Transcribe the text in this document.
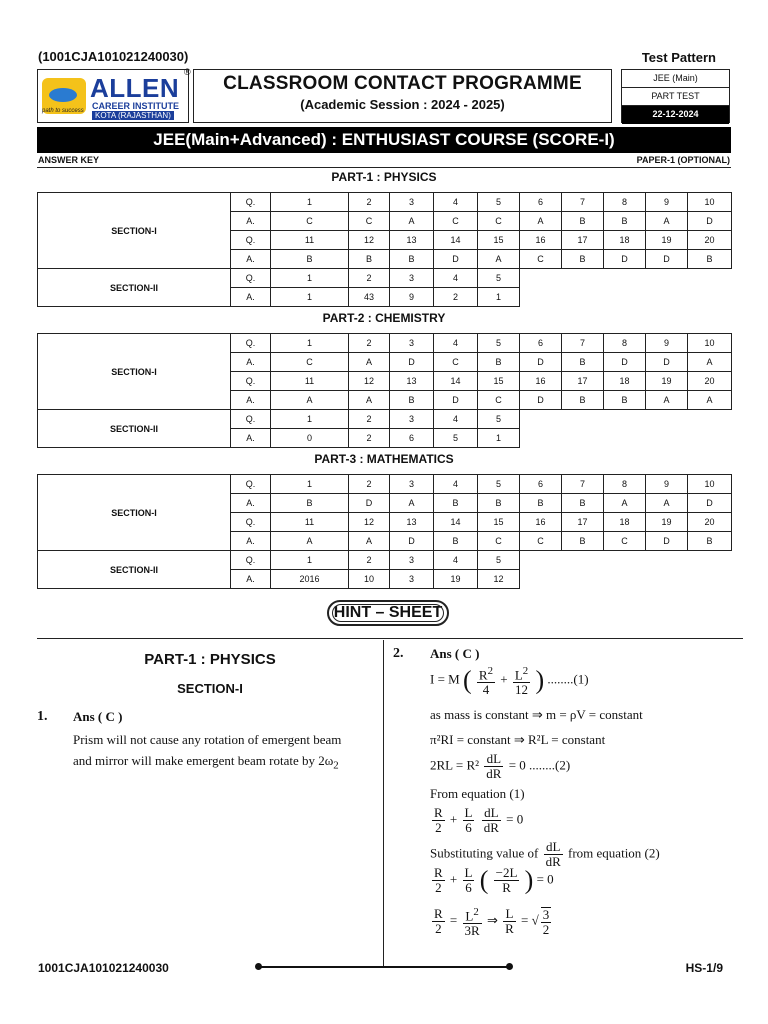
(1001CJA101021240030)	Test Pattern
path to success
ALLEN
CAREER INSTITUTE
KOTA (RAJASTHAN)
®
CLASSROOM CONTACT PROGRAMME
(Academic Session : 2024 - 2025)
JEE (Main)
PART TEST
22-12-2024
JEE(Main+Advanced) : ENTHUSIAST COURSE (SCORE-I)
ANSWER KEY	PAPER-1 (OPTIONAL)
PART-1 : PHYSICS
SECTION-I	Q.	1	2	3	4	5	6	7	8	9	10
	A.	C	C	A	C	C	A	B	B	A	D
	Q.	11	12	13	14	15	16	17	18	19	20
	A.	B	B	B	D	A	C	B	D	D	B
SECTION-II	Q.	1	2	3	4	5					
	A.	1	43	9	2	1					
PART-2 : CHEMISTRY
SECTION-I	Q.	1	2	3	4	5	6	7	8	9	10
	A.	C	A	D	C	B	D	B	D	D	A
	Q.	11	12	13	14	15	16	17	18	19	20
	A.	A	A	B	D	C	D	B	B	A	A
SECTION-II	Q.	1	2	3	4	5					
	A.	0	2	6	5	1					
PART-3 : MATHEMATICS
SECTION-I	Q.	1	2	3	4	5	6	7	8	9	10
	A.	B	D	A	B	B	B	B	A	A	D
	Q.	11	12	13	14	15	16	17	18	19	20
	A.	A	A	D	B	C	C	B	C	D	B
SECTION-II	Q.	1	2	3	4	5					
	A.	2016	10	3	19	12					
HINT – SHEET
PART-1 : PHYSICS
SECTION-I
1. Ans ( C )
Prism will not cause any rotation of emergent beam
and mirror will make emergent beam rotate by $2\omega_2$
2. Ans ( C )
I = M ( $\frac{R^2}{4} + \frac{L^2}{12}$ ) ........(1)
as mass is constant ⇒ m = ρV = constant
π²RI = constant ⇒ R²L = constant
$2RL = R^2 \frac{dL}{dR} = 0$ ........(2)
From equation (1)
$\frac{R}{2} + \frac{L}{6}$
$\frac{dL}{dR} = 0$
Substituting value of $\frac{dL}{dR}$ from equation (2)
$\frac{R}{2} + \frac{L}{6}$ ( $\frac{-2L}{R}$ ) = 0
$\frac{R}{2} = \frac{L^2}{3R}$ ⇒ $\frac{L}{R}$ = √ $\frac{3}{2}$
1001CJA101021240030	HS-1/9
